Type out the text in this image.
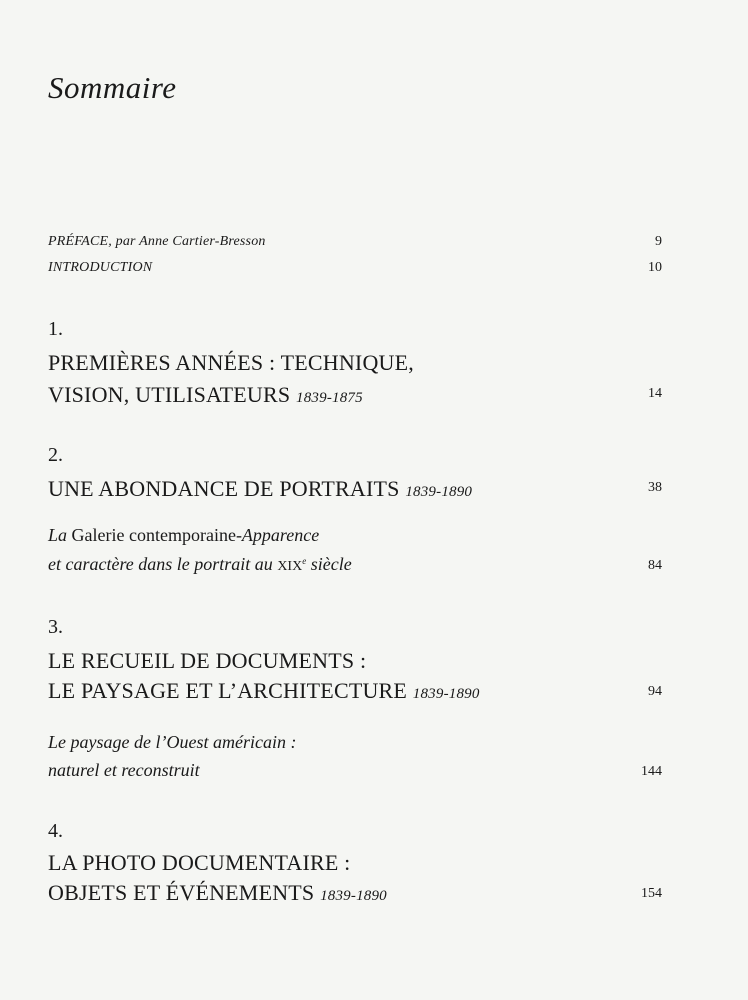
Sommaire
PRÉFACE, par Anne Cartier-Bresson	9
INTRODUCTION	10
1.
PREMIÈRES ANNÉES : TECHNIQUE,
VISION, UTILISATEURS 1839-1875	14
2.
UNE ABONDANCE DE PORTRAITS 1839-1890	38
La Galerie contemporaine-Apparence
et caractère dans le portrait au XIXe siècle	84
3.
LE RECUEIL DE DOCUMENTS :
LE PAYSAGE ET L’ARCHITECTURE 1839-1890	94
Le paysage de l’Ouest américain :
naturel et reconstruit	144
4.
LA PHOTO DOCUMENTAIRE :
OBJETS ET ÉVÉNEMENTS 1839-1890	154
